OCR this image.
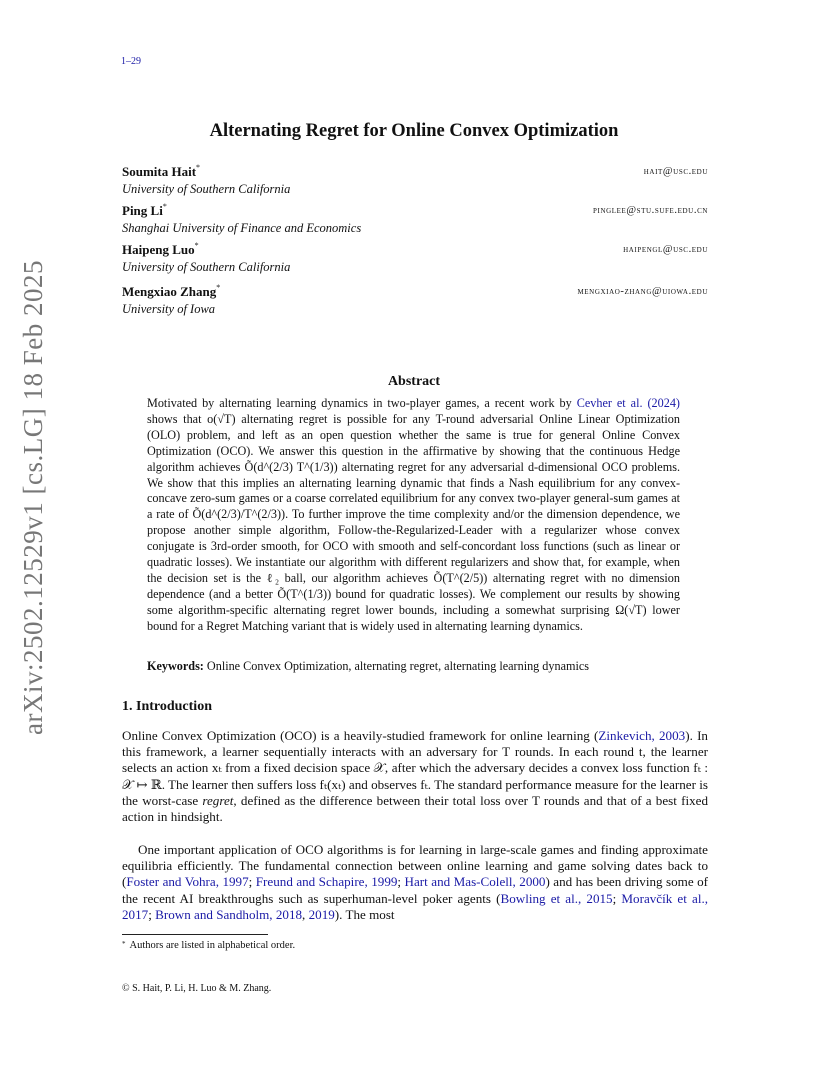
1–29
arXiv:2502.12529v1 [cs.LG] 18 Feb 2025
Alternating Regret for Online Convex Optimization
Soumita Hait*
University of Southern California
hait@usc.edu
Ping Li*
Shanghai University of Finance and Economics
pinglee@stu.sufe.edu.cn
Haipeng Luo*
University of Southern California
haipengl@usc.edu
Mengxiao Zhang*
University of Iowa
mengxiao-zhang@uiowa.edu
Abstract
Motivated by alternating learning dynamics in two-player games, a recent work by Cevher et al. (2024) shows that o(√T) alternating regret is possible for any T-round adversarial Online Linear Optimization (OLO) problem, and left as an open question whether the same is true for general Online Convex Optimization (OCO). We answer this question in the affirmative by showing that the continuous Hedge algorithm achieves Õ(d^(2/3) T^(1/3)) alternating regret for any adversarial d-dimensional OCO problems. We show that this implies an alternating learning dynamic that finds a Nash equilibrium for any convex-concave zero-sum games or a coarse correlated equilibrium for any convex two-player general-sum games at a rate of Õ(d^(2/3)/T^(2/3)). To further improve the time complexity and/or the dimension dependence, we propose another simple algorithm, Follow-the-Regularized-Leader with a regularizer whose convex conjugate is 3rd-order smooth, for OCO with smooth and self-concordant loss functions (such as linear or quadratic losses). We instantiate our algorithm with different regularizers and show that, for example, when the decision set is the ℓ₂ ball, our algorithm achieves Õ(T^(2/5)) alternating regret with no dimension dependence (and a better Õ(T^(1/3)) bound for quadratic losses). We complement our results by showing some algorithm-specific alternating regret lower bounds, including a somewhat surprising Ω(√T) lower bound for a Regret Matching variant that is widely used in alternating learning dynamics.
Keywords: Online Convex Optimization, alternating regret, alternating learning dynamics
1. Introduction
Online Convex Optimization (OCO) is a heavily-studied framework for online learning (Zinkevich, 2003). In this framework, a learner sequentially interacts with an adversary for T rounds. In each round t, the learner selects an action xₜ from a fixed decision space 𝒳, after which the adversary decides a convex loss function fₜ : 𝒳 ↦ ℝ. The learner then suffers loss fₜ(xₜ) and observes fₜ. The standard performance measure for the learner is the worst-case regret, defined as the difference between their total loss over T rounds and that of a best fixed action in hindsight.
One important application of OCO algorithms is for learning in large-scale games and finding approximate equilibria efficiently. The fundamental connection between online learning and game solving dates back to (Foster and Vohra, 1997; Freund and Schapire, 1999; Hart and Mas-Colell, 2000) and has been driving some of the recent AI breakthroughs such as superhuman-level poker agents (Bowling et al., 2015; Moravčík et al., 2017; Brown and Sandholm, 2018, 2019). The most
* Authors are listed in alphabetical order.
© S. Hait, P. Li, H. Luo & M. Zhang.
